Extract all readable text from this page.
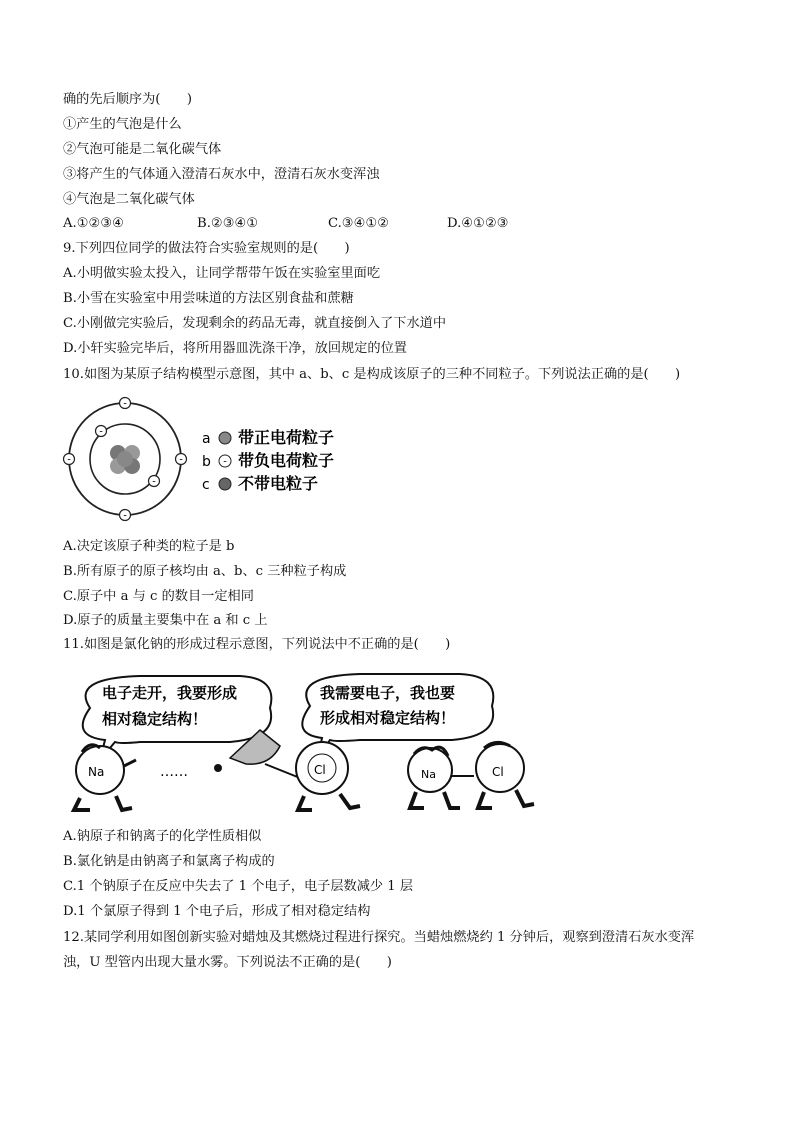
确的先后顺序为(　　)
①产生的气泡是什么
②气泡可能是二氧化碳气体
③将产生的气体通入澄清石灰水中，澄清石灰水变浑浊
④气泡是二氧化碳气体
A.①②③④	B.②③④①	C.③④①②	D.④①②③
9.下列四位同学的做法符合实验室规则的是(　　)
A.小明做实验太投入，让同学帮带午饭在实验室里面吃
B.小雪在实验室中用尝味道的方法区别食盐和蔗糖
C.小刚做完实验后，发现剩余的药品无毒，就直接倒入了下水道中
D.小轩实验完毕后，将所用器皿洗涤干净，放回规定的位置
10.如图为某原子结构模型示意图，其中 a、b、c 是构成该原子的三种不同粒子。下列说法正确的是(　　)
-
-
-	-
-
-
a 带正电荷粒子
b - 带负电荷粒子
c 不带电粒子
A.决定该原子种类的粒子是 b
B.所有原子的原子核均由 a、b、c 三种粒子构成
C.原子中 a 与 c 的数目一定相同
D.原子的质量主要集中在 a 和 c 上
11.如图是氯化钠的形成过程示意图，下列说法中不正确的是(　　)
电子走开，我要形成
相对稳定结构！
我需要电子，我也要
形成相对稳定结构！
Na	……	Cl	Na	Cl
A.钠原子和钠离子的化学性质相似
B.氯化钠是由钠离子和氯离子构成的
C.1 个钠原子在反应中失去了 1 个电子，电子层数减少 1 层
D.1 个氯原子得到 1 个电子后，形成了相对稳定结构
12.某同学利用如图创新实验对蜡烛及其燃烧过程进行探究。当蜡烛燃烧约 1 分钟后，观察到澄清石灰水变浑
浊，U 型管内出现大量水雾。下列说法不正确的是(　　)
